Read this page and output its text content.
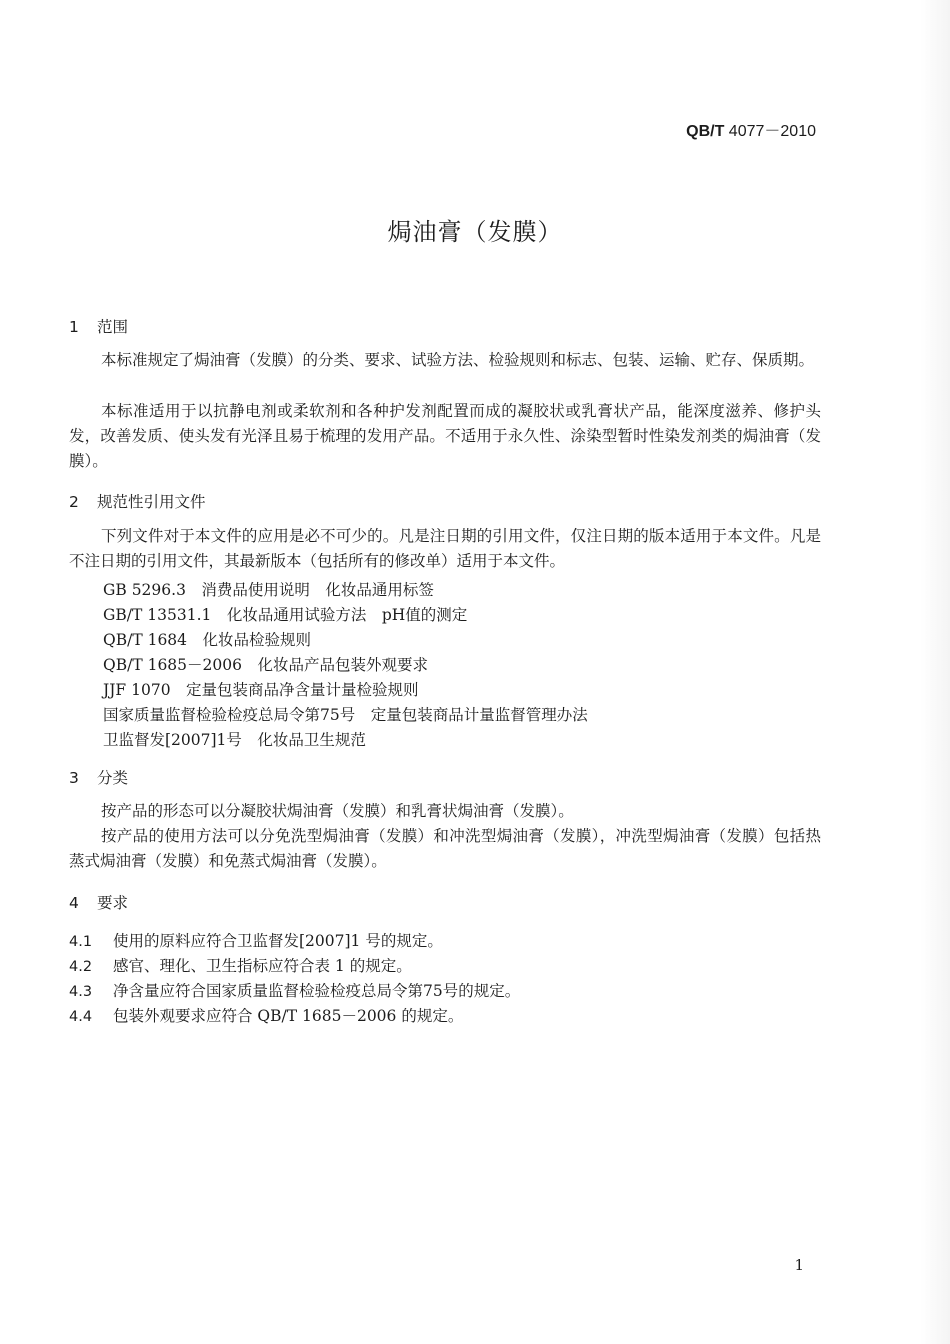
QB/T 4077－2010
焗油膏（发膜）
1 范围

本标准规定了焗油膏（发膜）的分类、要求、试验方法、检验规则和标志、包装、运输、贮存、保质期。

本标准适用于以抗静电剂或柔软剂和各种护发剂配置而成的凝胶状或乳膏状产品，能深度滋养、修护头发，改善发质、使头发有光泽且易于梳理的发用产品。不适用于永久性、涂染型暂时性染发剂类的焗油膏（发膜）。

2 规范性引用文件

下列文件对于本文件的应用是必不可少的。凡是注日期的引用文件，仅注日期的版本适用于本文件。凡是不注日期的引用文件，其最新版本（包括所有的修改单）适用于本文件。

GB 5296.3　消费品使用说明　化妆品通用标签
GB/T 13531.1　化妆品通用试验方法　pH值的测定
QB/T 1684　化妆品检验规则
QB/T 1685－2006　化妆品产品包装外观要求
JJF 1070　定量包装商品净含量计量检验规则
国家质量监督检验检疫总局令第75号　定量包装商品计量监督管理办法
卫监督发[2007]1号　化妆品卫生规范
3 分类

按产品的形态可以分凝胶状焗油膏（发膜）和乳膏状焗油膏（发膜）。

按产品的使用方法可以分免洗型焗油膏（发膜）和冲洗型焗油膏（发膜），冲洗型焗油膏（发膜）包括热蒸式焗油膏（发膜）和免蒸式焗油膏（发膜）。

4 要求
4.1 使用的原料应符合卫监督发[2007]1 号的规定。
4.2 感官、理化、卫生指标应符合表 1 的规定。
4.3 净含量应符合国家质量监督检验检疫总局令第75号的规定。
4.4 包装外观要求应符合 QB/T 1685－2006 的规定。
1
